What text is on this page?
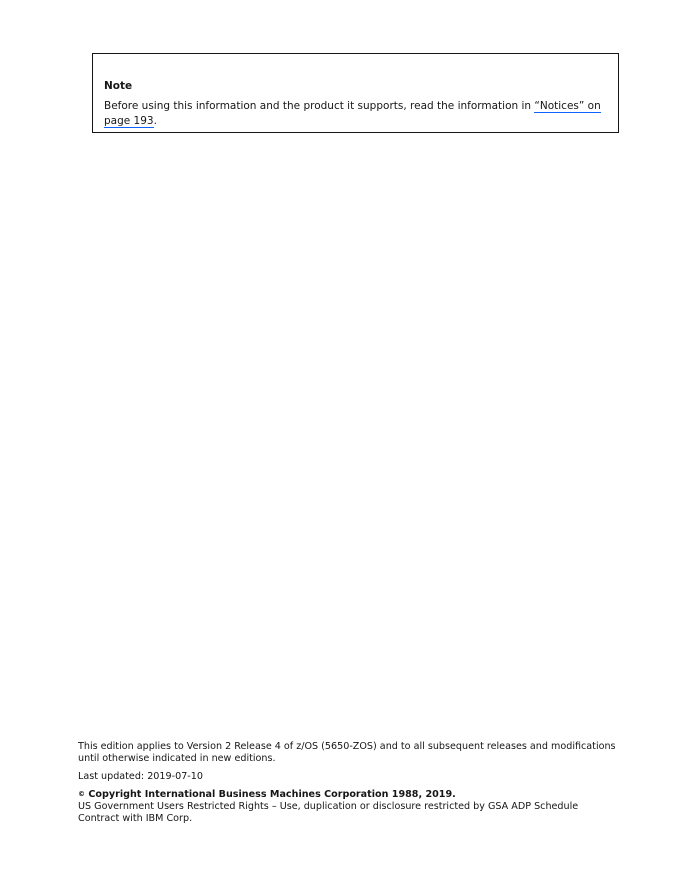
Note

Before using this information and the product it supports, read the information in “Notices” on page 193.

This edition applies to Version 2 Release 4 of z/OS (5650-ZOS) and to all subsequent releases and modifications until otherwise indicated in new editions.

Last updated: 2019-07-10

© Copyright International Business Machines Corporation 1988, 2019.

US Government Users Restricted Rights – Use, duplication or disclosure restricted by GSA ADP Schedule Contract with IBM Corp.
